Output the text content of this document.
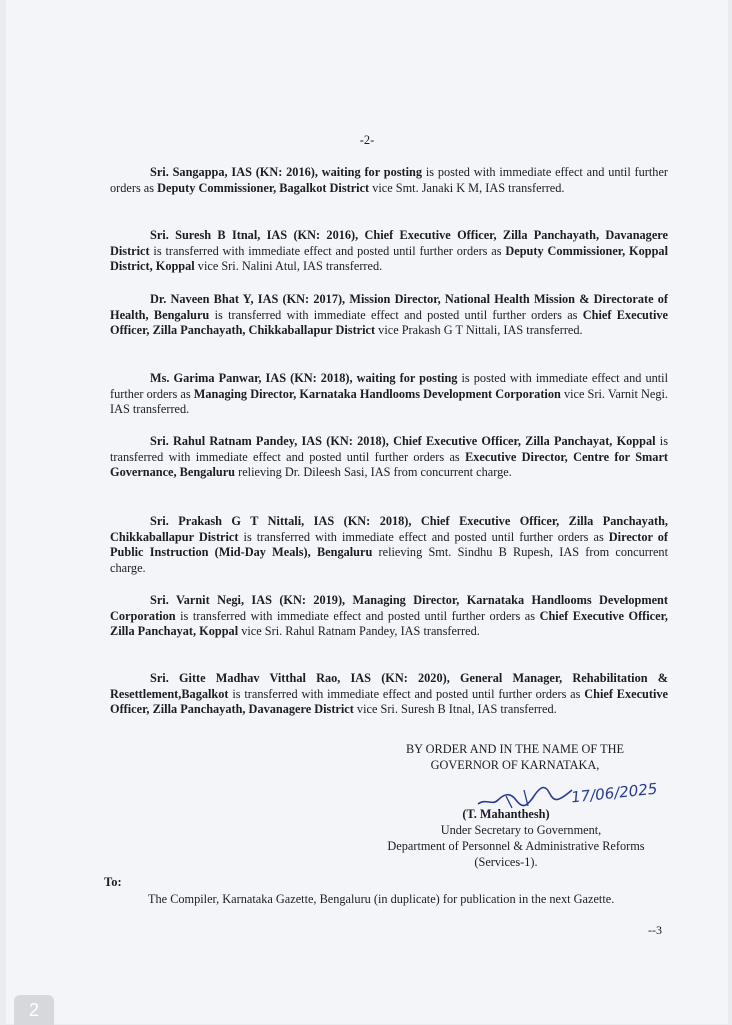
-2-
Sri. Sangappa, IAS (KN: 2016), waiting for posting is posted with immediate effect and until further orders as Deputy Commissioner, Bagalkot District vice Smt. Janaki K M, IAS transferred.
Sri. Suresh B Itnal, IAS (KN: 2016), Chief Executive Officer, Zilla Panchayath, Davanagere District is transferred with immediate effect and posted until further orders as Deputy Commissioner, Koppal District, Koppal vice Sri. Nalini Atul, IAS transferred.
Dr. Naveen Bhat Y, IAS (KN: 2017), Mission Director, National Health Mission & Directorate of Health, Bengaluru is transferred with immediate effect and posted until further orders as Chief Executive Officer, Zilla Panchayath, Chikkaballapur District vice Prakash G T Nittali, IAS transferred.
Ms. Garima Panwar, IAS (KN: 2018), waiting for posting is posted with immediate effect and until further orders as Managing Director, Karnataka Handlooms Development Corporation vice Sri. Varnit Negi. IAS transferred.
Sri. Rahul Ratnam Pandey, IAS (KN: 2018), Chief Executive Officer, Zilla Panchayat, Koppal is transferred with immediate effect and posted until further orders as Executive Director, Centre for Smart Governance, Bengaluru relieving Dr. Dileesh Sasi, IAS from concurrent charge.
Sri. Prakash G T Nittali, IAS (KN: 2018), Chief Executive Officer, Zilla Panchayath, Chikkaballapur District is transferred with immediate effect and posted until further orders as Director of Public Instruction (Mid-Day Meals), Bengaluru relieving Smt. Sindhu B Rupesh, IAS from concurrent charge.
Sri. Varnit Negi, IAS (KN: 2019), Managing Director, Karnataka Handlooms Development Corporation is transferred with immediate effect and posted until further orders as Chief Executive Officer, Zilla Panchayat, Koppal vice Sri. Rahul Ratnam Pandey, IAS transferred.
Sri. Gitte Madhav Vitthal Rao, IAS (KN: 2020), General Manager, Rehabilitation & Resettlement,Bagalkot is transferred with immediate effect and posted until further orders as Chief Executive Officer, Zilla Panchayath, Davanagere District vice Sri. Suresh B Itnal, IAS transferred.
BY ORDER AND IN THE NAME OF THE
GOVERNOR OF KARNATAKA,
17/06/2025
(T. Mahanthesh)
Under Secretary to Government,
Department of Personnel & Administrative Reforms
(Services-1).
To:
The Compiler, Karnataka Gazette, Bengaluru (in duplicate) for publication in the next Gazette.
--3
2
